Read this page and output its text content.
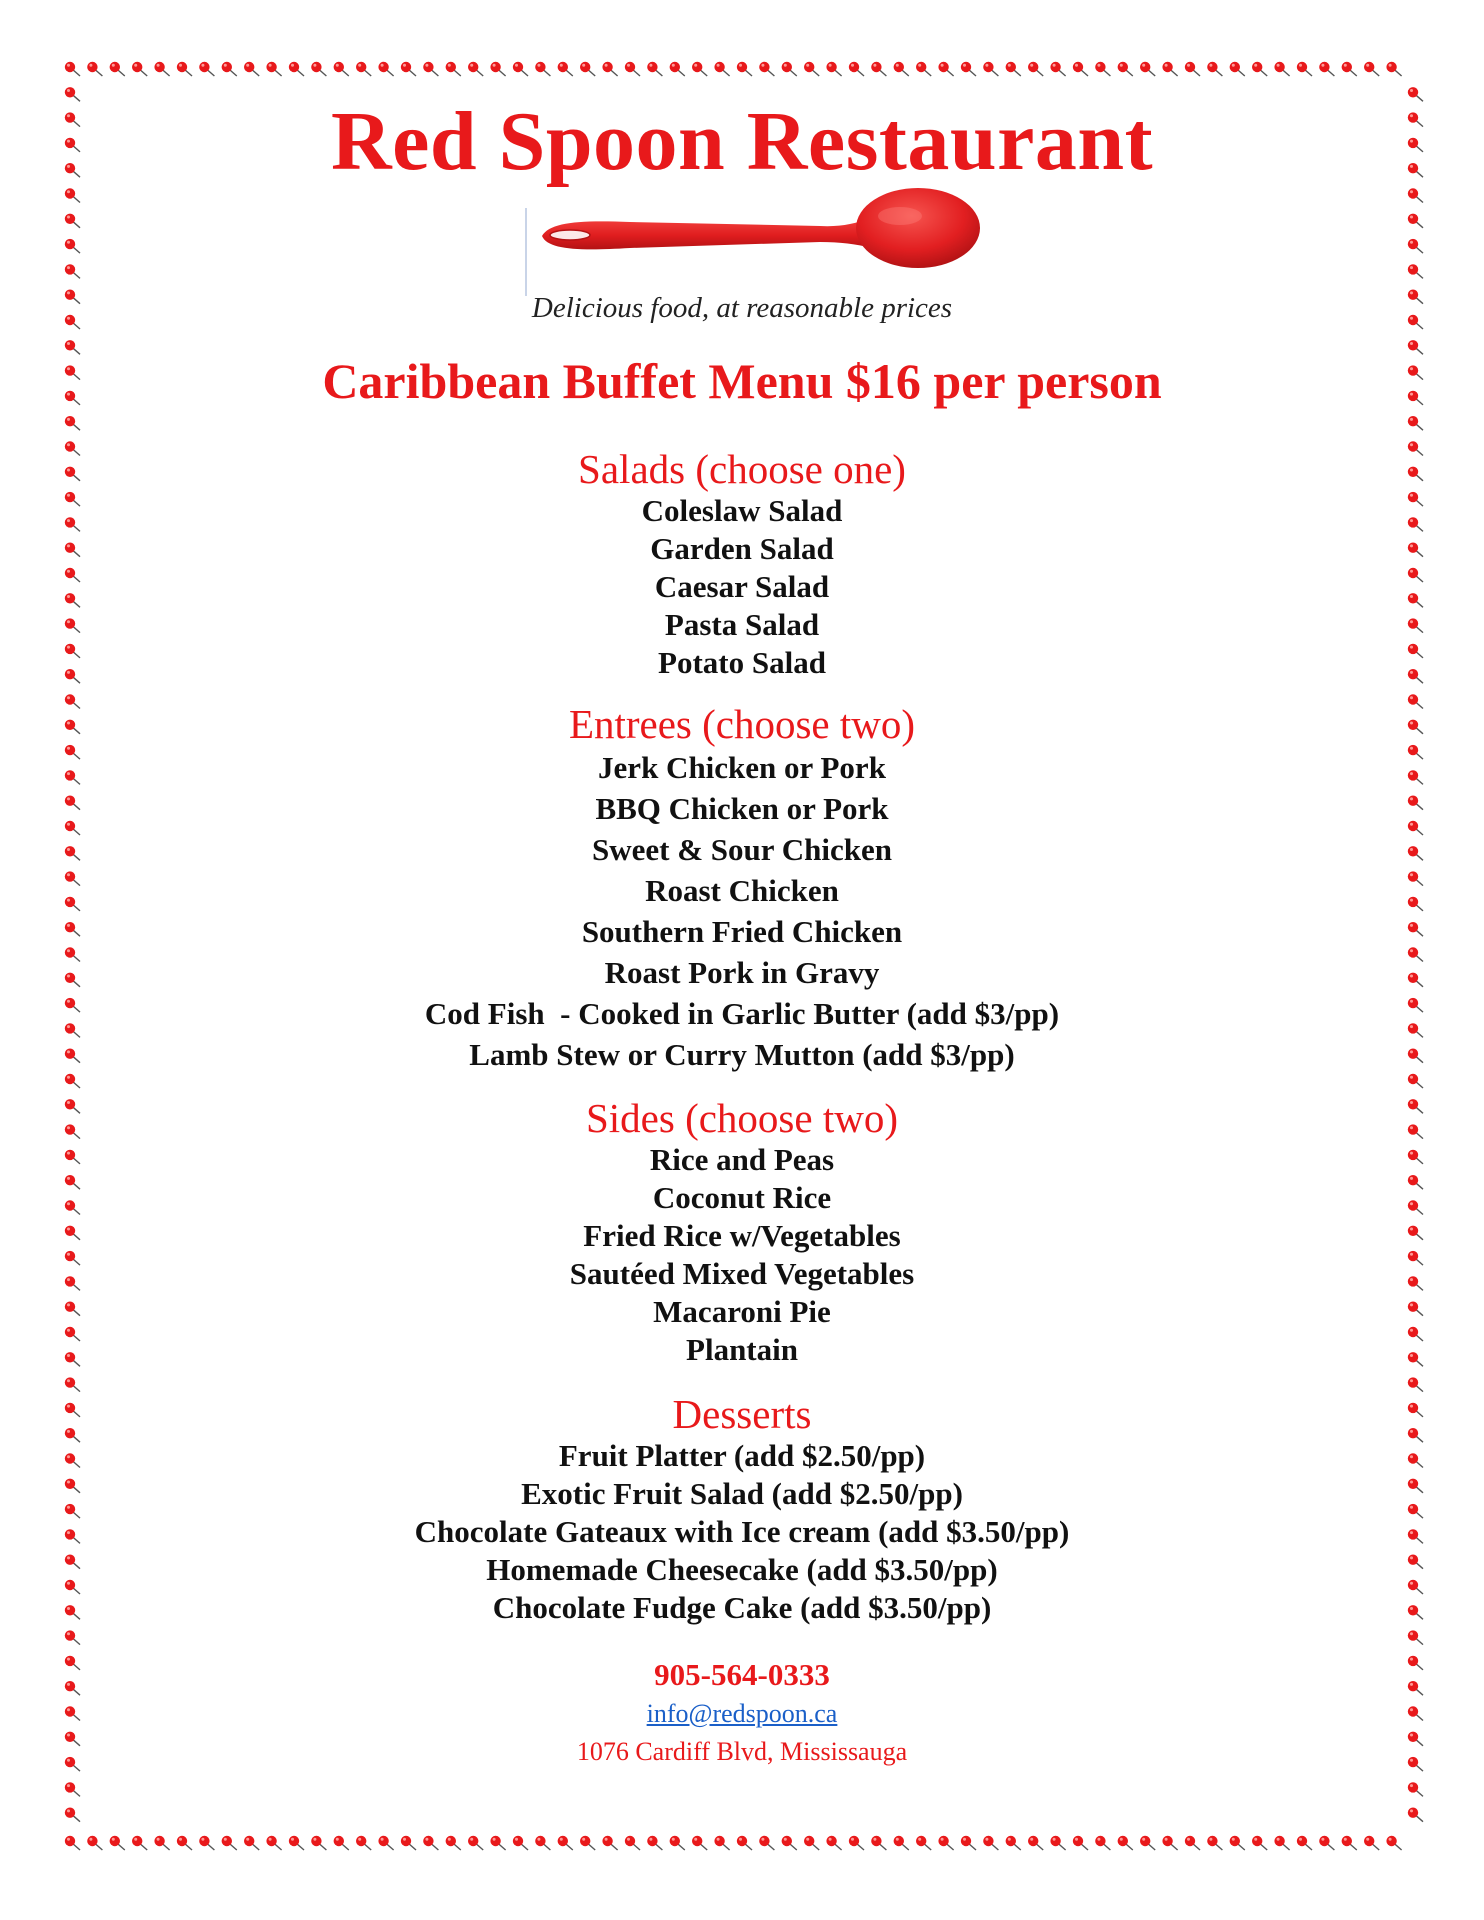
Red Spoon Restaurant
Delicious food, at reasonable prices
Caribbean Buffet Menu $16 per person
Salads (choose one)
Coleslaw Salad
Garden Salad
Caesar Salad
Pasta Salad
Potato Salad
Entrees (choose two)
Jerk Chicken or Pork
BBQ Chicken or Pork
Sweet & Sour Chicken
Roast Chicken
Southern Fried Chicken
Roast Pork in Gravy
Cod Fish  - Cooked in Garlic Butter (add $3/pp)
Lamb Stew or Curry Mutton (add $3/pp)
Sides (choose two)
Rice and Peas
Coconut Rice
Fried Rice w/Vegetables
Sautéed Mixed Vegetables
Macaroni Pie
Plantain
Desserts
Fruit Platter (add $2.50/pp)
Exotic Fruit Salad (add $2.50/pp)
Chocolate Gateaux with Ice cream (add $3.50/pp)
Homemade Cheesecake (add $3.50/pp)
Chocolate Fudge Cake (add $3.50/pp)
905-564-0333
info@redspoon.ca
1076 Cardiff Blvd, Mississauga
